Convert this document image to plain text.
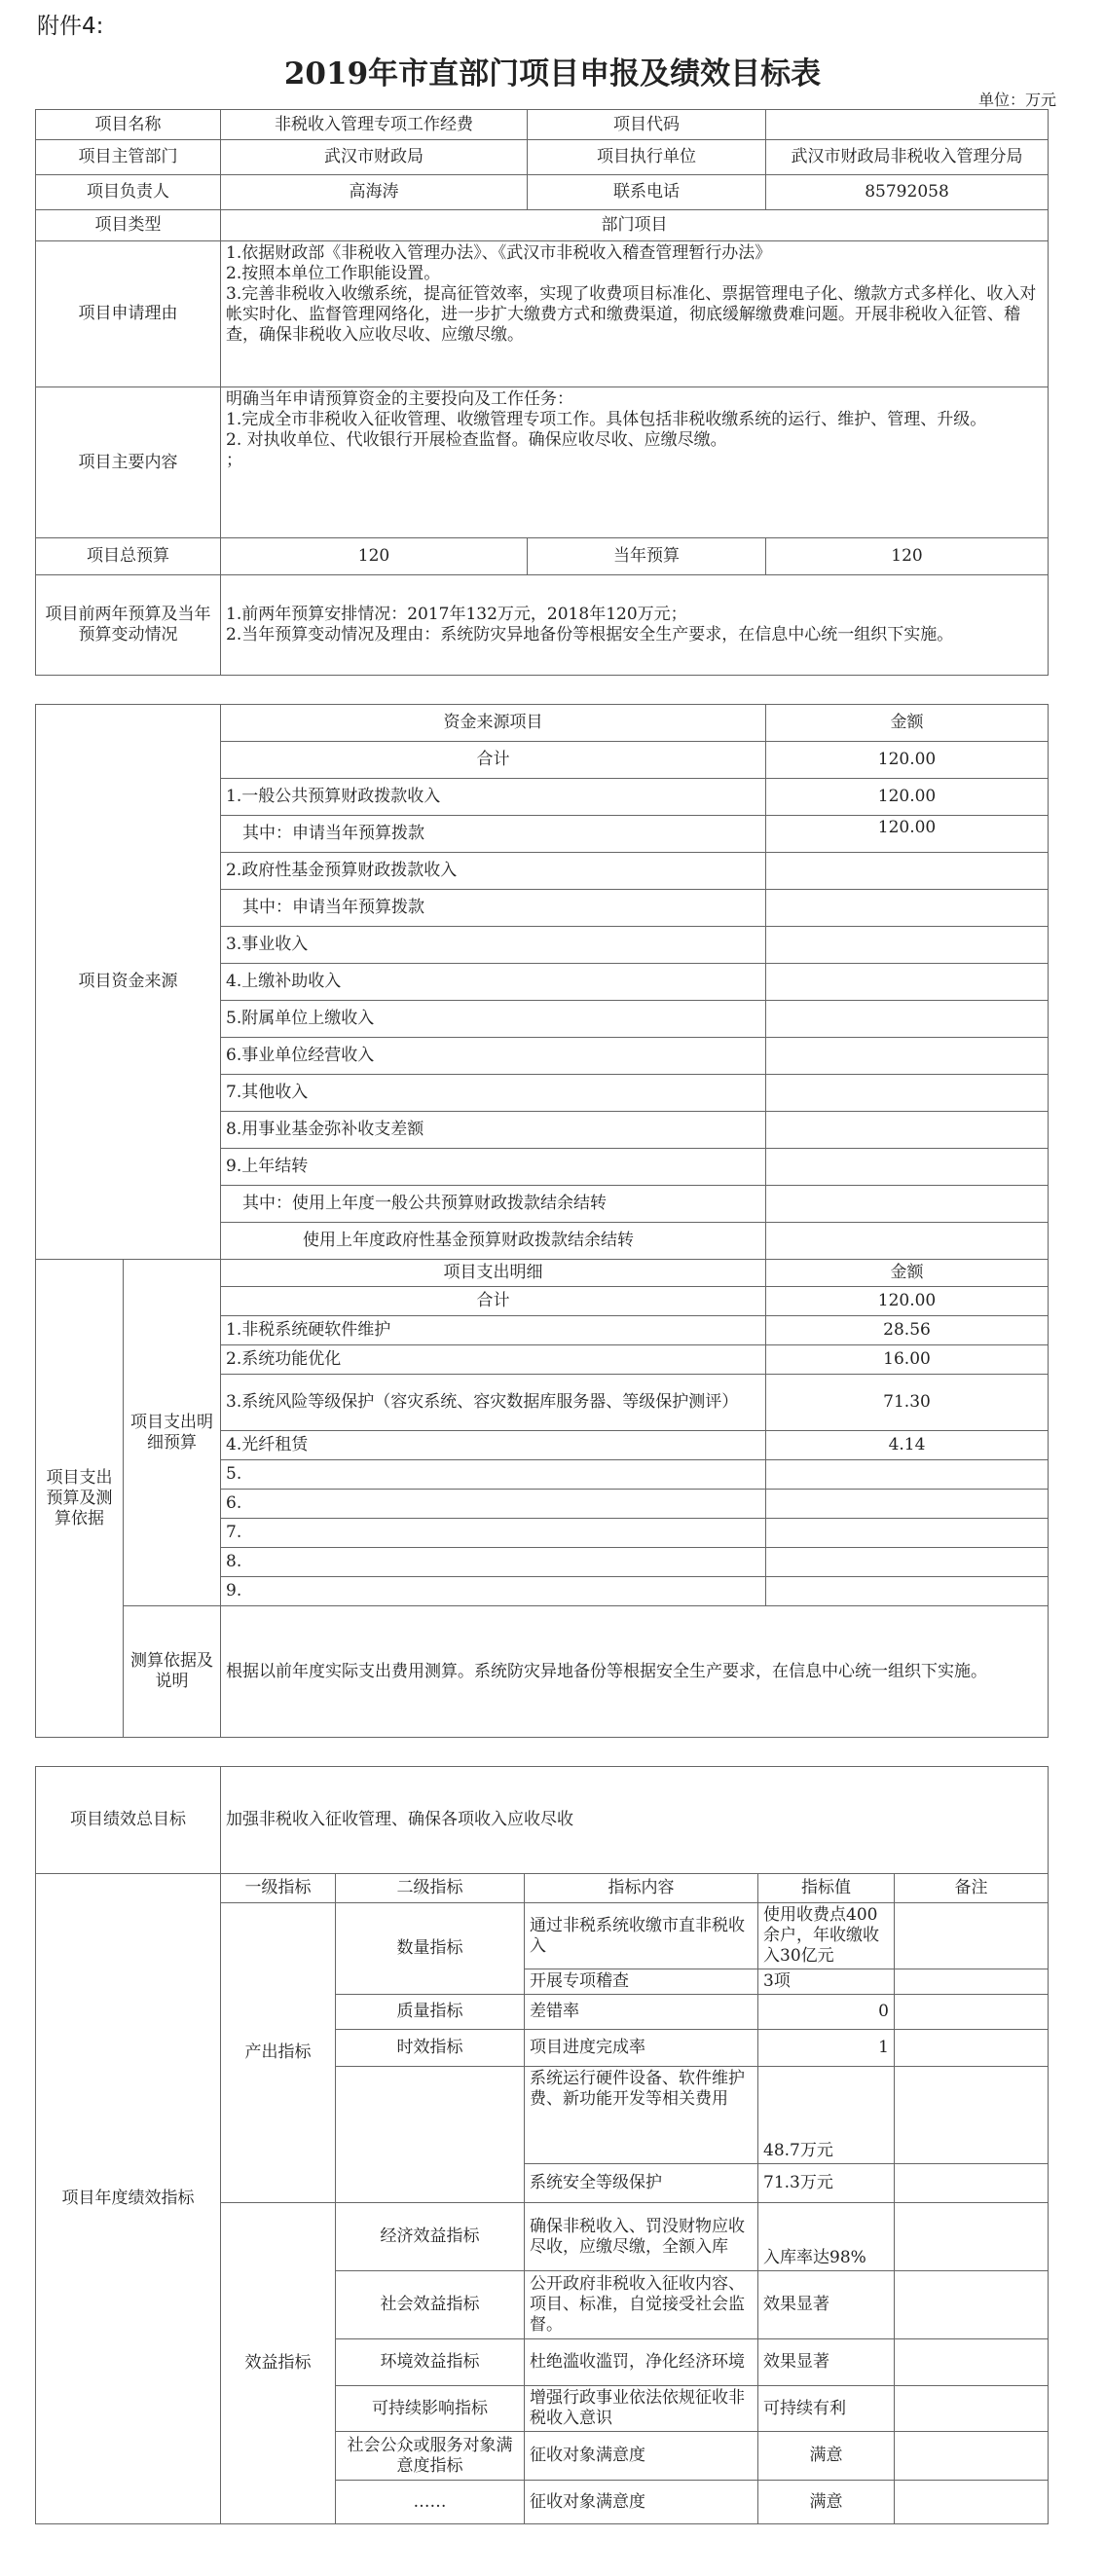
附件4:
2019年市直部门项目申报及绩效目标表
单位：万元
项目名称	非税收入管理专项工作经费	项目代码	
项目主管部门	武汉市财政局	项目执行单位	武汉市财政局非税收入管理分局
项目负责人	高海涛	联系电话	85792058
项目类型	部门项目		
项目申请理由	1.依据财政部《非税收入管理办法》、《武汉市非税收入稽查管理暂行办法》
2.按照本单位工作职能设置。
3.完善非税收入收缴系统，提高征管效率，实现了收费项目标准化、票据管理电子化、缴款方式多样化、收入对帐实时化、监督管理网络化，进一步扩大缴费方式和缴费渠道，彻底缓解缴费难问题。开展非税收入征管、稽查，确保非税收入应收尽收、应缴尽缴。		

项目主要内容	明确当年申请预算资金的主要投向及工作任务：
1.完成全市非税收入征收管理、收缴管理专项工作。具体包括非税收缴系统的运行、维护、管理、升级。
2. 对执收单位、代收银行开展检查监督。确保应收尽收、应缴尽缴。
；		

项目总预算	120	当年预算	120
项目前两年预算及当年预算变动情况	1.前两年预算安排情况：2017年132万元，2018年120万元；
2.当年预算变动情况及理由：系统防灾异地备份等根据安全生产要求，在信息中心统一组织下实施。		
项目资金来源	资金来源项目	金额
	合计	120.00
	1.一般公共预算财政拨款收入	120.00
	其中：申请当年预算拨款	120.00
	2.政府性基金预算财政拨款收入	
	其中：申请当年预算拨款	
	3.事业收入	
	4.上缴补助收入	
	5.附属单位上缴收入	
	6.事业单位经营收入	
	7.其他收入	
	8.用事业基金弥补收支差额	
	9.上年结转	
	其中：使用上年度一般公共预算财政拨款结余结转	
	使用上年度政府性基金预算财政拨款结余结转	
项目支出预算及测算依据	项目支出明细预算	项目支出明细	金额
		合计	120.00
		1.非税系统硬软件维护	28.56
		2.系统功能优化	16.00
		3.系统风险等级保护（容灾系统、容灾数据库服务器、等级保护测评）	71.30
		4.光纤租赁	4.14
		5.	
		6.	
		7.	
		8.	
		9.	
	测算依据及说明	根据以前年度实际支出费用测算。系统防灾异地备份等根据安全生产要求，在信息中心统一组织下实施。	
项目绩效总目标	加强非税收入征收管理、确保各项收入应收尽收
项目年度绩效指标	一级指标	二级指标	指标内容	指标值	备注
	产出指标	数量指标	通过非税系统收缴市直非税收入	使用收费点400余户，年收缴收入30亿元	
			开展专项稽查	3项	
		质量指标	差错率	0	
		时效指标	项目进度完成率	1	
			系统运行硬件设备、软件维护费、新功能开发等相关费用	48.7万元	
			系统安全等级保护	71.3万元	
	效益指标	经济效益指标	确保非税收入、罚没财物应收尽收，应缴尽缴，全额入库	入库率达98%	
		社会效益指标	公开政府非税收入征收内容、项目、标准，自觉接受社会监督。	效果显著	
		环境效益指标	杜绝滥收滥罚，净化经济环境	效果显著	
		可持续影响指标	增强行政事业依法依规征收非税收入意识	可持续有利	
		社会公众或服务对象满意度指标	征收对象满意度	满意	
		……	征收对象满意度	满意	
